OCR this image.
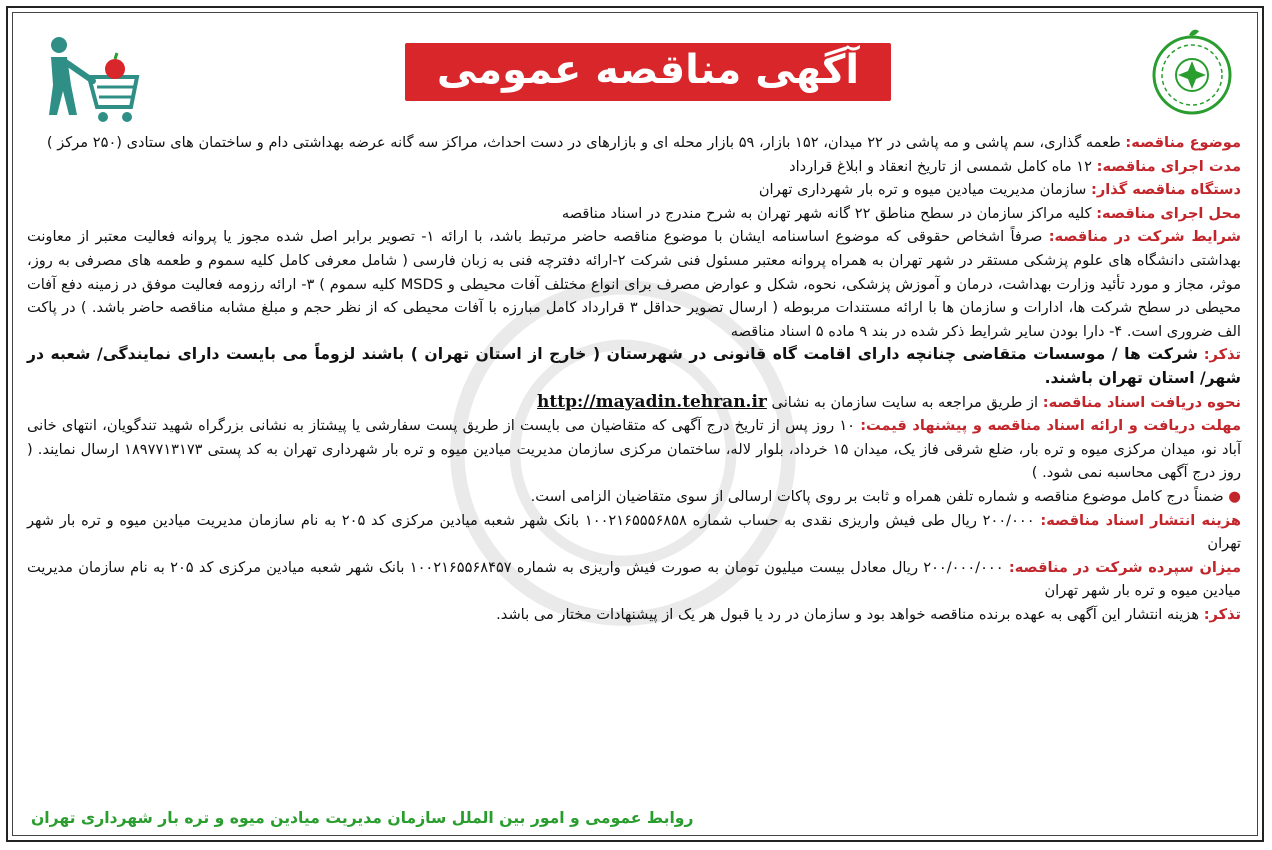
آگهی مناقصه عمومی

موضوع مناقصه: طعمه گذاری، سم پاشی و مه پاشی در ۲۲ میدان، ۱۵۲ بازار، ۵۹ بازار محله ای و بازارهای در دست احداث، مراکز سه گانه عرضه بهداشتی دام و ساختمان های ستادی (۲۵۰ مرکز )

مدت اجرای مناقصه: ۱۲ ماه کامل شمسی از تاریخ انعقاد و ابلاغ قرارداد

دستگاه مناقصه گذار: سازمان مدیریت میادین میوه و تره بار شهرداری تهران

محل اجرای مناقصه: کلیه مراکز سازمان در سطح مناطق ۲۲ گانه شهر تهران به شرح مندرج در اسناد مناقصه

شرایط شرکت در مناقصه: صرفاً اشخاص حقوقی که موضوع اساسنامه ایشان با موضوع مناقصه حاضر مرتبط باشد، با ارائه ۱- تصویر برابر اصل شده مجوز یا پروانه فعالیت معتبر از معاونت بهداشتی دانشگاه های علوم پزشکی مستقر در شهر تهران به همراه پروانه معتبر مسئول فنی شرکت ۲-ارائه دفترچه فنی به زبان فارسی ( شامل معرفی کامل کلیه سموم و طعمه های مصرفی به روز، موثر، مجاز و مورد تأئید وزارت بهداشت، درمان و آموزش پزشکی، نحوه، شکل و عوارض مصرف برای انواع مختلف آفات محیطی و MSDS کلیه سموم ) ۳- ارائه رزومه فعالیت موفق در زمینه دفع آفات محیطی در سطح شرکت ها، ادارات و سازمان ها با ارائه مستندات مربوطه ( ارسال تصویر حداقل ۳ قرارداد کامل مبارزه با آفات محیطی که از نظر حجم و مبلغ مشابه مناقصه حاضر باشد. ) در پاکت الف ضروری است. ۴- دارا بودن سایر شرایط ذکر شده در بند ۹ ماده ۵ اسناد مناقصه

تذکر: شرکت ها / موسسات متقاضی چنانچه دارای اقامت گاه قانونی در شهرستان ( خارج از استان تهران ) باشند لزوماً می بایست دارای نمایندگی/ شعبه در شهر/ استان تهران باشند.

نحوه دریافت اسناد مناقصه: از طریق مراجعه به سایت سازمان به نشانی http://mayadin.tehran.ir

مهلت دریافت و ارائه اسناد مناقصه و پیشنهاد قیمت: ۱۰ روز پس از تاریخ درج آگهی که متقاضیان می بایست از طریق پست سفارشی یا پیشتاز به نشانی بزرگراه شهید تندگویان، انتهای خانی آباد نو، میدان مرکزی میوه و تره بار، ضلع شرقی فاز یک، میدان ۱۵ خرداد، بلوار لاله، ساختمان مرکزی سازمان مدیریت میادین میوه و تره بار شهرداری تهران به کد پستی ۱۸۹۷۷۱۳۱۷۳ ارسال نمایند. ( روز درج آگهی محاسبه نمی شود. )

● ضمناً درج کامل موضوع مناقصه و شماره تلفن همراه و ثابت بر روی پاکات ارسالی از سوی متقاضیان الزامی است.

هزینه انتشار اسناد مناقصه: ۲۰۰/۰۰۰ ریال طی فیش واریزی نقدی به حساب شماره ۱۰۰۲۱۶۵۵۵۶۸۵۸ بانک شهر شعبه میادین مرکزی کد ۲۰۵ به نام سازمان مدیریت میادین میوه و تره بار شهر تهران

میزان سپرده شرکت در مناقصه: ۲۰۰/۰۰۰/۰۰۰ ریال معادل بیست میلیون تومان به صورت فیش واریزی به شماره ۱۰۰۲۱۶۵۵۶۸۴۵۷ بانک شهر شعبه میادین مرکزی کد ۲۰۵ به نام سازمان مدیریت میادین میوه و تره بار شهر تهران

تذکر: هزینه انتشار این آگهی به عهده برنده مناقصه خواهد بود و سازمان در رد یا قبول هر یک از پیشنهادات مختار می باشد.

روابط عمومی و امور بین الملل سازمان مدیریت میادین میوه و تره بار شهرداری تهران
